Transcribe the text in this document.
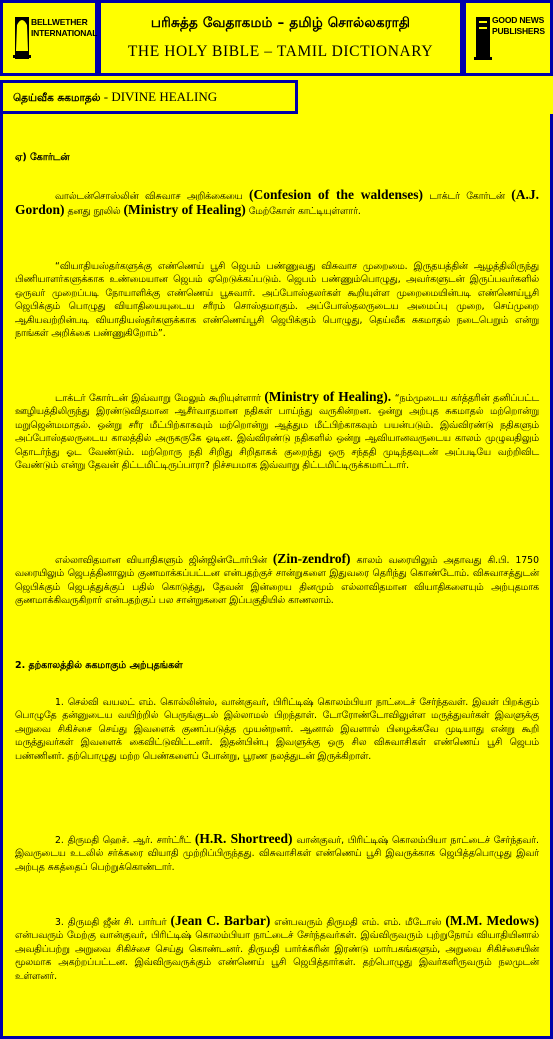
BELLWETHER INTERNATIONAL
பரிசுத்த வேதாகமம் – தமிழ் சொல்லகராதி
THE HOLY BIBLE – TAMIL DICTIONARY
GOOD NEWS PUBLISHERS
தெய்வீக சுகமாதல் - DIVINE HEALING
ஏ) கோர்டன்
வால்டன்சொஸ்லின் விசுவாச அறிக்கையை (Confesion of the waldenses) டாக்டர் கோர்டன் (A.J. Gordon) தனது நூலில் (Ministry of Healing) மேற்கோள் காட்டியுள்ளார்.
“வியாதியஸ்தர்களுக்கு எண்ணெய் பூசி ஜெபம் பண்ணுவது விசுவாச முறைமை. இருதயத்தின் ஆழத்திலிருந்து பிணியாளர்களுக்காக உண்மையான ஜெபம் ஏறெடுக்கப்படும். ஜெபம் பண்ணும்பொழுது, அவர்களுடன் இருப்பவர்களில் ஒருவர் முறைப்படி நோயாளிக்கு எண்ணெய் பூசுவார். அப்போஸ்தலர்கள் கூறியுள்ள முறைமையின்படி எண்ணெய்பூசி ஜெபிக்கும் பொழுது வியாதியையுடைய சரீரம் சொஸ்தமாகும். அப்போஸ்தலருடைய அமைப்பு முறை, செய்முறை ஆகியவற்றின்படி வியாதியஸ்தர்களுக்காக எண்ணெய்பூசி ஜெபிக்கும் பொழுது, தெய்வீக சுகமாதல் நடைபெறும் என்று நாங்கள் அறிக்கை பண்ணுகிறோம்”.
டாக்டர் கோர்டன் இவ்வாறு மேலும் கூறியுள்ளார் (Ministry of Healing). “நம்முடைய கர்த்தரின் தனிப்பட்ட ஊழியத்திலிருந்து இரண்டுவிதமான ஆசீர்வாதமான நதிகள் பாய்ந்து வருகின்றன. ஒன்று அற்புத சுகமாதல் மற்றொன்று மறுஜென்மமாதல். ஒன்று சரீர மீட்பிற்காகவும் மற்றொன்று ஆத்தும மீட்பிற்காகவும் பயன்படும். இவ்விரண்டு நதிகளும் அப்போஸ்தலருடைய காலத்தில் அருகருகே ஓடின. இவ்விரண்டு நதிகளில் ஒன்று ஆவியானவருடைய காலம் முழுவதிலும் தொடர்ந்து ஓட வேண்டும். மற்றொரு நதி சிறிது சிறிதாகக் குறைந்து ஒரு சந்ததி முடிந்தவுடன் அப்படியே வற்றிவிட வேண்டும் என்று தேவன் திட்டமிட்டிருப்பாரா? நிச்சயமாக இவ்வாறு திட்டமிட்டிருக்கமாட்டார்.
எல்லாவிதமான வியாதிகளும் ஜின்ஜின்டோர்பின் (Zin-zendrof) காலம் வரையிலும் அதாவது கி.பி. 1750 வரையிலும் ஜெபத்தினாலும் குணமாக்கப்பட்டன என்பதற்குச் சான்றுகளை இதுவரை தெரிந்து கொண்டோம். விசுவாசத்துடன் ஜெபிக்கும் ஜெபத்துக்குப் பதில் கொடுத்து, தேவன் இன்றைய தினமும் எல்லாவிதமான வியாதிகளையும் அற்புதமாக குணமாக்கிவருகிறார் என்பதற்குப் பல சான்றுகளை இப்பகுதியில் காணலாம்.
2. தற்காலத்தில் சுகமாகும் அற்புதங்கள்
1. செல்வி வயலட் எம். கொல்லின்ஸ், வான்குவர், பிரிட்டிஷ் கொலம்பியா நாட்டைச் சேர்ந்தவள். இவள் பிறக்கும் பொழுதே தன்னுடைய வயிற்றில் பெருங்குடல் இல்லாமல் பிறந்தாள். டோரோண்டோவிலுள்ள மருத்துவர்கள் இவளுக்கு அறுவை சிகிச்சை செய்து இவளைக் குணப்படுத்த முயன்றனர். ஆனால் இவளால் பிழைக்கவே முடியாது என்று கூறி மருத்துவர்கள் இவளைக் கைவிட்டுவிட்டனர். இதன்பின்பு இவளுக்கு ஒரு சில விசுவாசிகள் எண்ணெய் பூசி ஜெபம் பண்ணினர். தற்பொழுது மற்ற பெண்களைப் போன்று, பூரண நலத்துடன் இருக்கிறாள்.
2. திருமதி ஹெச். ஆர். சார்ட்ரீட் (H.R. Shortreed) வான்குவர், பிரிட்டிஷ் கொலம்பியா நாட்டைச் சேர்ந்தவர். இவருடைய உடலில் சர்க்கரை வியாதி முற்றிப்பிருந்தது. விசுவாசிகள் எண்ணெய் பூசி இவருக்காக ஜெபித்தபொழுது இவர் அற்புத சுகத்தைப் பெற்றுக்கொண்டார்.
3. திருமதி ஜீன் சி. பார்பர் (Jean C. Barbar) என்பவரும் திருமதி எம். எம். மீடோஸ் (M.M. Medows) என்பவரும் மேற்கு வான்குவர், பிரிட்டிஷ் கொலம்பியா நாட்டைச் சேர்ந்தவர்கள். இவ்விருவரும் புற்றுநோய் வியாதியினால் அவதிப்பற்று அறுவை சிகிச்சை செய்து கொண்டனர். திருமதி பார்க்கரின் இரண்டு மார்பகங்களும், அறுவை சிகிச்சையின் மூலமாக அகற்றப்பட்டன. இவ்விருவருக்கும் எண்ணெய் பூசி ஜெபித்தார்கள். தற்பொழுது இவர்களிருவரும் நலமுடன் உள்ளனர்.
